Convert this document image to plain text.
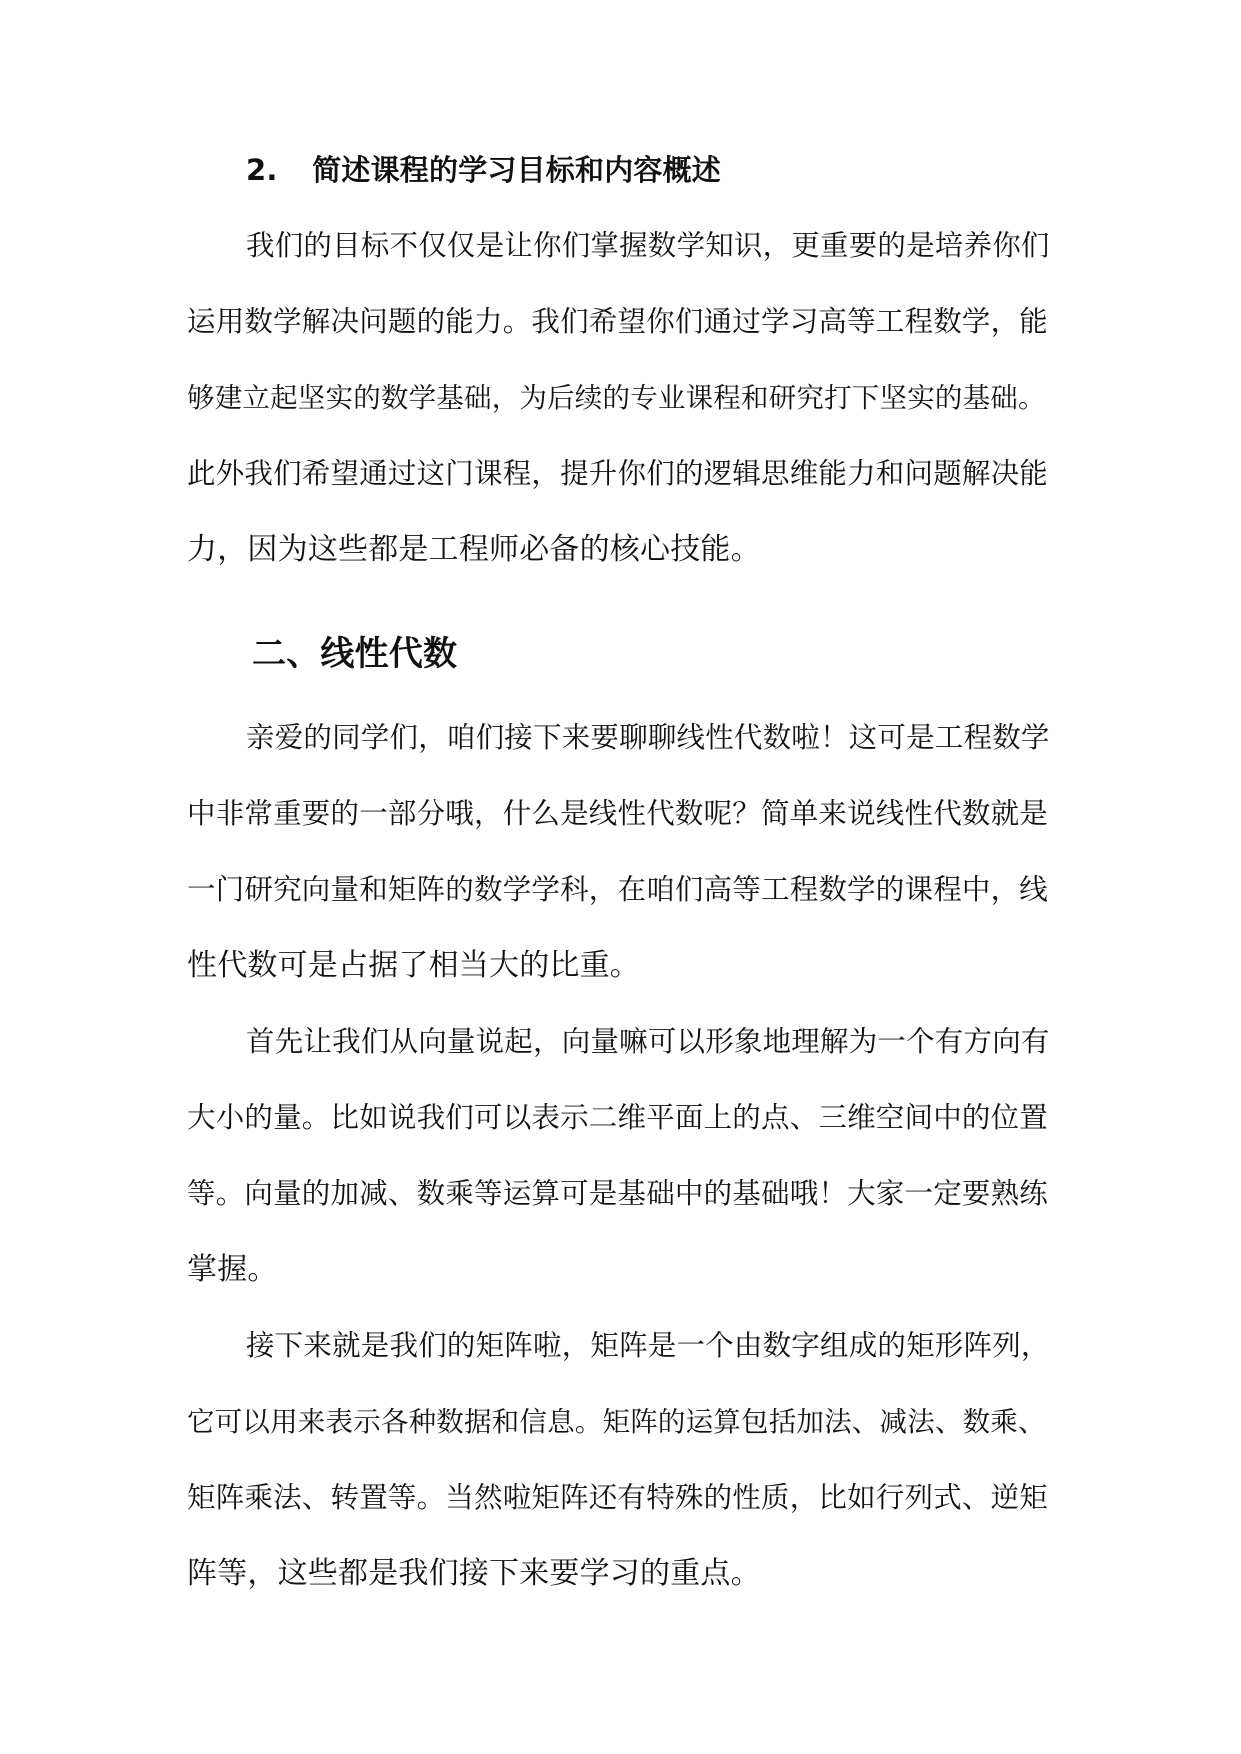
2. 简述课程的学习目标和内容概述
我们的目标不仅仅是让你们掌握数学知识，更重要的是培养你们
运用数学解决问题的能力。我们希望你们通过学习高等工程数学，能
够建立起坚实的数学基础，为后续的专业课程和研究打下坚实的基础。
此外我们希望通过这门课程，提升你们的逻辑思维能力和问题解决能
力，因为这些都是工程师必备的核心技能。
二、线性代数
亲爱的同学们，咱们接下来要聊聊线性代数啦！这可是工程数学
中非常重要的一部分哦，什么是线性代数呢？简单来说线性代数就是
一门研究向量和矩阵的数学学科，在咱们高等工程数学的课程中，线
性代数可是占据了相当大的比重。
首先让我们从向量说起，向量嘛可以形象地理解为一个有方向有
大小的量。比如说我们可以表示二维平面上的点、三维空间中的位置
等。向量的加减、数乘等运算可是基础中的基础哦！大家一定要熟练
掌握。
接下来就是我们的矩阵啦，矩阵是一个由数字组成的矩形阵列，
它可以用来表示各种数据和信息。矩阵的运算包括加法、减法、数乘、
矩阵乘法、转置等。当然啦矩阵还有特殊的性质，比如行列式、逆矩
阵等，这些都是我们接下来要学习的重点。
